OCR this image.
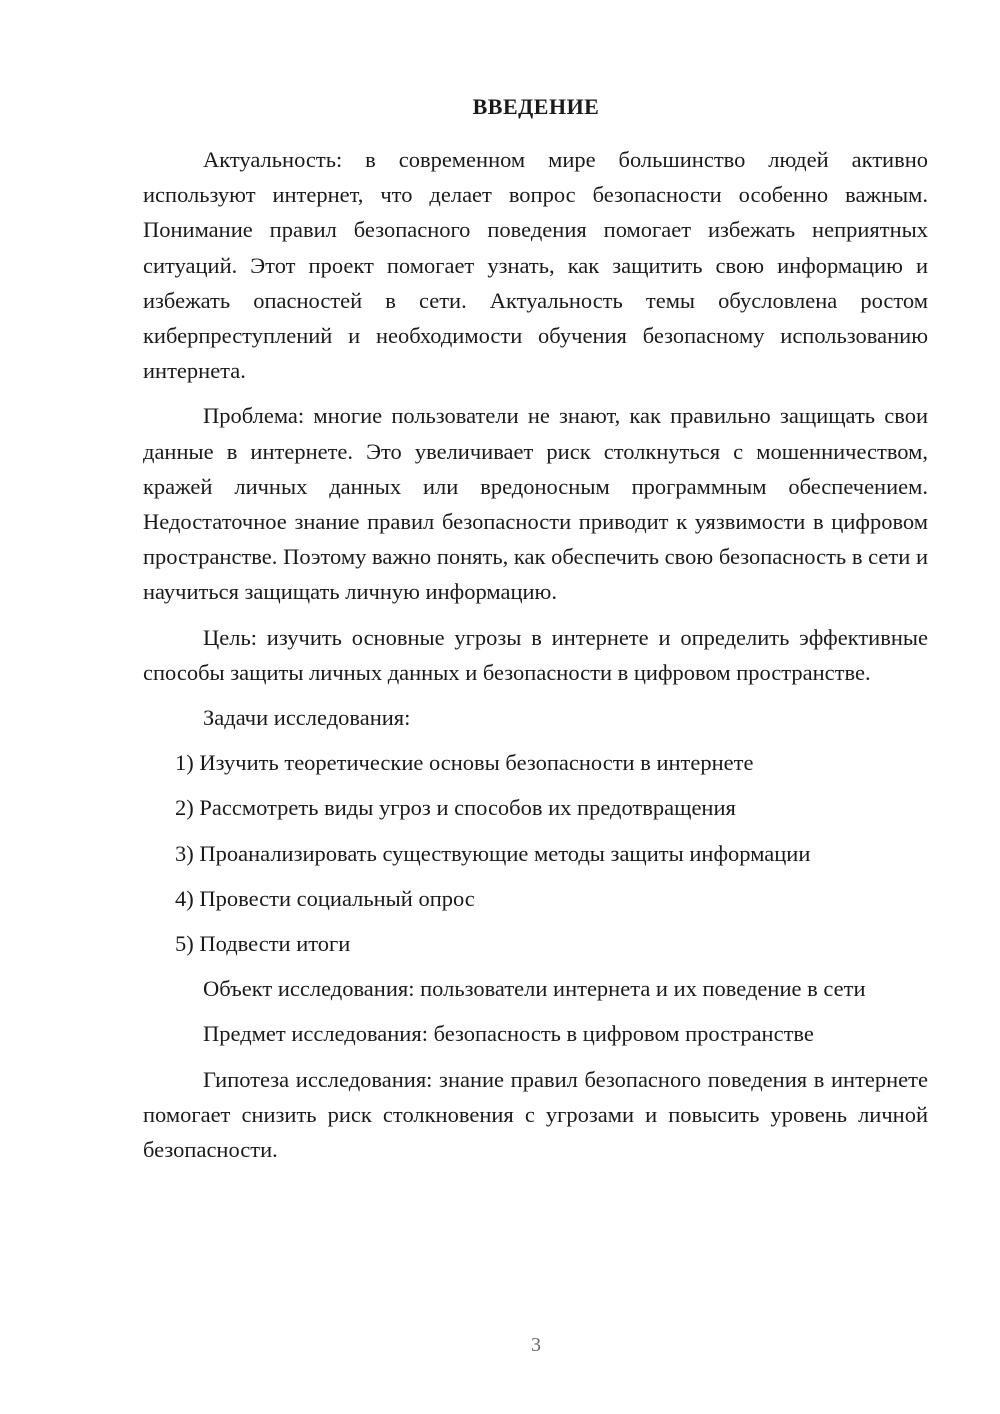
ВВЕДЕНИЕ

Актуальность: в современном мире большинство людей активно используют интернет, что делает вопрос безопасности особенно важным. Понимание правил безопасного поведения помогает избежать неприятных ситуаций. Этот проект помогает узнать, как защитить свою информацию и избежать опасностей в сети. Актуальность темы обусловлена ростом киберпреступлений и необходимости обучения безопасному использованию интернета.

Проблема: многие пользователи не знают, как правильно защищать свои данные в интернете. Это увеличивает риск столкнуться с мошенничеством, кражей личных данных или вредоносным программным обеспечением. Недостаточное знание правил безопасности приводит к уязвимости в цифровом пространстве. Поэтому важно понять, как обеспечить свою безопасность в сети и научиться защищать личную информацию.

Цель: изучить основные угрозы в интернете и определить эффективные способы защиты личных данных и безопасности в цифровом пространстве.

Задачи исследования:

1) Изучить теоретические основы безопасности в интернете
2) Рассмотреть виды угроз и способов их предотвращения
3) Проанализировать существующие методы защиты информации
4) Провести социальный опрос
5) Подвести итоги

Объект исследования: пользователи интернета и их поведение в сети

Предмет исследования: безопасность в цифровом пространстве

Гипотеза исследования: знание правил безопасного поведения в интернете помогает снизить риск столкновения с угрозами и повысить уровень личной безопасности.

3
